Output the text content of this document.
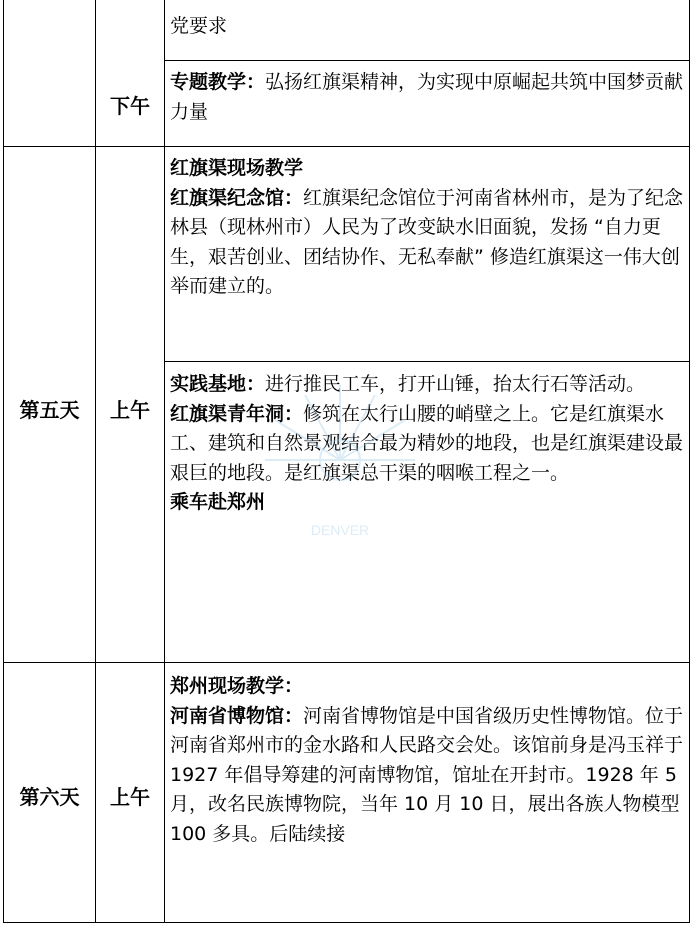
党要求

下午

专题教学：弘扬红旗渠精神，为实现中原崛起共筑中国梦贡献力量

第五天	上午

红旗渠现场教学

红旗渠纪念馆：红旗渠纪念馆位于河南省林州市，是为了纪念林县（现林州市）人民为了改变缺水旧面貌，发扬 “自力更生，艰苦创业、团结协作、无私奉献” 修造红旗渠这一伟大创举而建立的。

实践基地：进行推民工车，打开山锤，抬太行石等活动。

红旗渠青年洞：修筑在太行山腰的峭壁之上。它是红旗渠水工、建筑和自然景观结合最为精妙的地段，也是红旗渠建设最艰巨的地段。是红旗渠总干渠的咽喉工程之一。

乘车赴郑州

DENVER
第六天	上午

郑州现场教学：

河南省博物馆：河南省博物馆是中国省级历史性博物馆。位于河南省郑州市的金水路和人民路交会处。该馆前身是冯玉祥于 1927 年倡导筹建的河南博物馆，馆址在开封市。1928 年 5 月，改名民族博物院，当年 10 月 10 日，展出各族人物模型 100 多具。后陆续接
